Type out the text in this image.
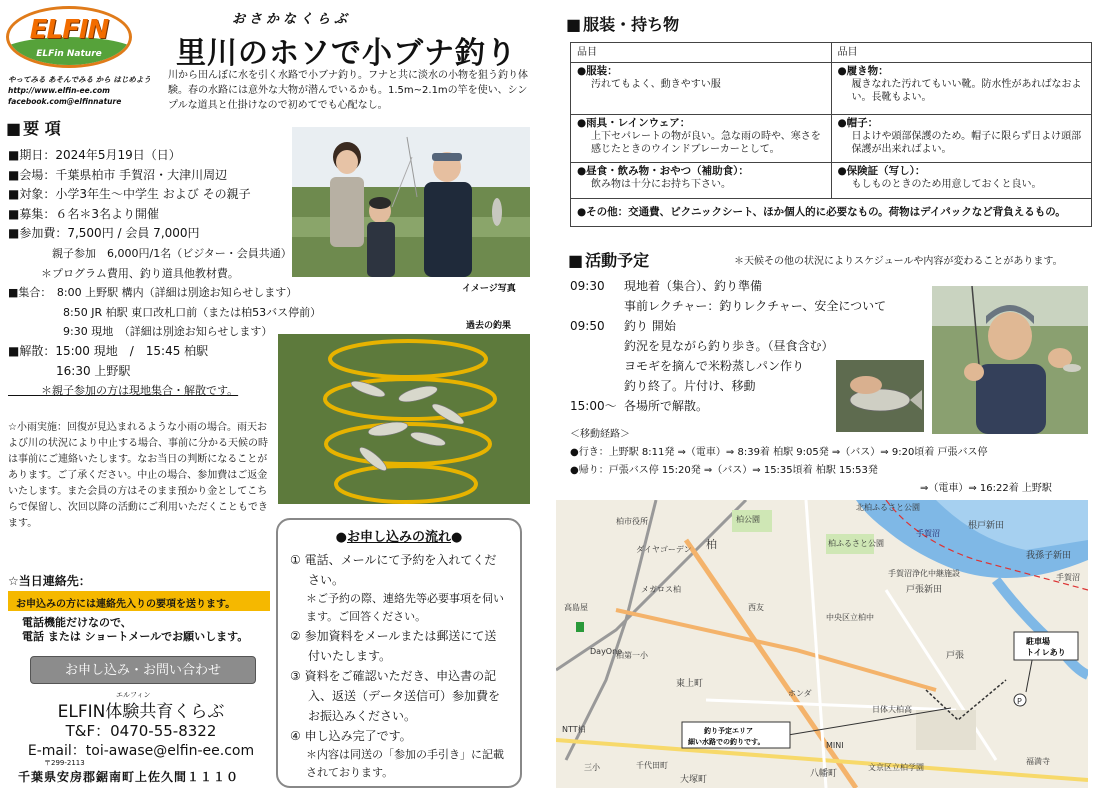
ELFIN
ELFin Nature
やってみる あそんでみる から はじめよう
http://www.elfin-ee.com
facebook.com@elfinnature
おさかなくらぶ
里川のホソで小ブナ釣り
川から田んぼに水を引く水路で小ブナ釣り。フナと共に淡水の小物を狙う釣り体験。春の水路には意外な大物が潜んでいるかも。1.5m~2.1mの竿を使い、シンプルな道具と仕掛けなので初めてでも心配なし。
■ 要 項
■期日：2024年5月19日（日）
■会場：千葉県柏市 手賀沼・大津川周辺
■対象：小学3年生～中学生 および その親子
■募集：６名＊3名より開催
■参加費：7,500円 / 会員 7,000円
　　　　親子参加　6,000円/1名（ビジター・会員共通）
　　　＊プログラム費用、釣り道具他教材費。
■集合：　8:00 上野駅 構内（詳細は別途お知らせします）
　　　　　8:50 JR 柏駅 東口改札口前（または柏53バス停前）
　　　　　9:30 現地　（詳細は別途お知らせします）
■解散：15:00 現地　/　15:45 柏駅
　　　　16:30 上野駅
　　　＊親子参加の方は現地集合・解散です。
イメージ写真
過去の釣果
☆小雨実施：回復が見込まれるような小雨の場合。雨天および川の状況により中止する場合、事前に分かる天候の時は事前にご連絡いたします。なお当日の判断になることがあります。ご了承ください。中止の場合、参加費はご返金いたします。また会員の方はそのまま預かり金としてこちらで保留し、次回以降の活動にご利用いただくこともできます。
☆当日連絡先：
お申込みの方には連絡先入りの要項を送ります。
電話機能だけなので、
電話 または ショートメールでお願いします。
お申し込み・お問い合わせ
エルフィン
ELFIN体験共育くらぶ
T&F：0470-55-8322
E-mail：toi-awase@elfin-ee.com
〒299-2113
千葉県安房郡鋸南町上佐久間１１１０
●お申し込みの流れ●
① 電話、メールにて予約を入れてください。
＊ご予約の際、連絡先等必要事項を伺います。ご回答ください。
② 参加資料をメールまたは郵送にて送付いたします。
③ 資料をご確認いただき、申込書の記入、返送（データ送信可）参加費をお振込みください。
④ 申し込み完了です。
＊内容は同送の「参加の手引き」に記載されております。
■ 服装・持ち物
品目	品目
●服装：
汚れてもよく、動きやすい服	●履き物：
履きなれた汚れてもいい靴。防水性があればなおよい。長靴もよい。

●雨具・レインウェア：
上下セパレートの物が良い。急な雨の時や、寒さを感じたときのウインドブレーカーとして。	●帽子：
日よけや頭部保護のため。帽子に限らず日よけ頭部保護が出来ればよい。

●昼食・飲み物・おやつ（補助食）：
飲み物は十分にお持ち下さい。	●保険証（写し）：
もしものときのため用意しておくと良い。

●その他：交通費、ピクニックシート、ほか個人的に必要なもの。荷物はデイパックなど背負えるもの。	
■ 活動予定	＊天候その他の状況によりスケジュールや内容が変わることがあります。
09:30 現地着（集合）、釣り準備
事前レクチャー：釣りレクチャー、安全について
09:50 釣り 開始
釣況を見ながら釣り歩き。（昼食含む）
ヨモギを摘んで米粉蒸しパン作り
釣り終了。片付け、移動
15:00～ 各場所で解散。
＜移動経路＞
●行き：上野駅 8:11発 ⇒（電車）⇒ 8:39着 柏駅 9:05発 ⇒（バス）⇒ 9:20頃着 戸張バス停
●帰り：戸張バス停 15:20発 ⇒（バス）⇒ 15:35頃着 柏駅 15:53発
⇒（電車）⇒ 16:22着 上野駅
P
柏市役所
ダイヤゴーデン 柏
柏公園
北柏ふるさと公園
柏ふるさと公園
根戸新田
我孫子新田
手賀沼
手賀沼浄化中継施設
戸張新田
中央区立柏中
高島屋
メガロス柏
西友
DayOne	戸張
東上町
ホンダ
日体大柏高
八幡町
文京区立柏学園
大塚町
三小
NTT柏
千代田町
柏第一小
MINI
福満寺
手賀沼
駐車場トイレあり
釣り予定エリア
細い水路での釣りです。
